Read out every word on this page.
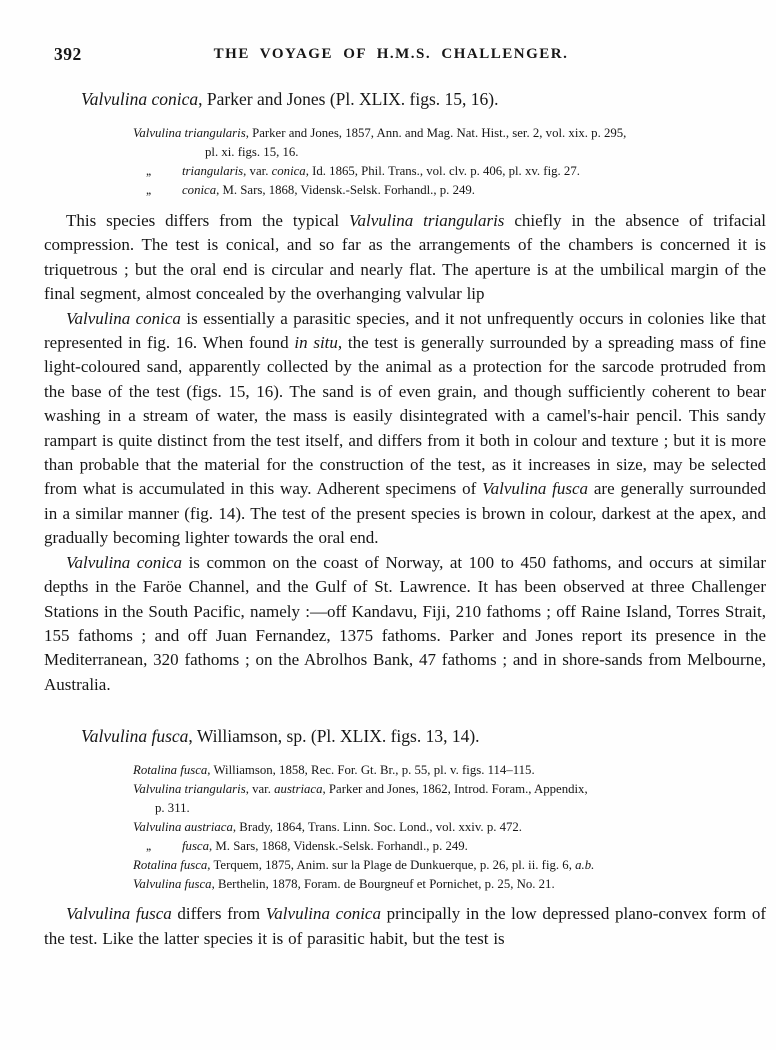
392	THE VOYAGE OF H.M.S. CHALLENGER.

Valvulina conica, Parker and Jones (Pl. XLIX. figs. 15, 16).

Valvulina triangularis, Parker and Jones, 1857, Ann. and Mag. Nat. Hist., ser. 2, vol. xix. p. 295,

pl. xi. figs. 15, 16.

,, triangularis, var. conica, Id. 1865, Phil. Trans., vol. clv. p. 406, pl. xv. fig. 27.

,, conica, M. Sars, 1868, Vidensk.-Selsk. Forhandl., p. 249.

This species differs from the typical Valvulina triangularis chiefly in the absence of trifacial compression. The test is conical, and so far as the arrangements of the chambers is concerned it is triquetrous ; but the oral end is circular and nearly flat. The aperture is at the umbilical margin of the final segment, almost concealed by the overhanging valvular lip

Valvulina conica is essentially a parasitic species, and it not unfrequently occurs in colonies like that represented in fig. 16. When found in situ, the test is generally surrounded by a spreading mass of fine light-coloured sand, apparently collected by the animal as a protection for the sarcode protruded from the base of the test (figs. 15, 16). The sand is of even grain, and though sufficiently coherent to bear washing in a stream of water, the mass is easily disintegrated with a camel's-hair pencil. This sandy rampart is quite distinct from the test itself, and differs from it both in colour and texture ; but it is more than probable that the material for the construction of the test, as it increases in size, may be selected from what is accumulated in this way. Adherent specimens of Valvulina fusca are generally surrounded in a similar manner (fig. 14). The test of the present species is brown in colour, darkest at the apex, and gradually becoming lighter towards the oral end.

Valvulina conica is common on the coast of Norway, at 100 to 450 fathoms, and occurs at similar depths in the Faröe Channel, and the Gulf of St. Lawrence. It has been observed at three Challenger Stations in the South Pacific, namely :—off Kandavu, Fiji, 210 fathoms ; off Raine Island, Torres Strait, 155 fathoms ; and off Juan Fernandez, 1375 fathoms. Parker and Jones report its presence in the Mediterranean, 320 fathoms ; on the Abrolhos Bank, 47 fathoms ; and in shore-sands from Melbourne, Australia.

Valvulina fusca, Williamson, sp. (Pl. XLIX. figs. 13, 14).

Rotalina fusca, Williamson, 1858, Rec. For. Gt. Br., p. 55, pl. v. figs. 114–115.

Valvulina triangularis, var. austriaca, Parker and Jones, 1862, Introd. Foram., Appendix,

p. 311.

Valvulina austriaca, Brady, 1864, Trans. Linn. Soc. Lond., vol. xxiv. p. 472.

,, fusca, M. Sars, 1868, Vidensk.-Selsk. Forhandl., p. 249.

Rotalina fusca, Terquem, 1875, Anim. sur la Plage de Dunkuerque, p. 26, pl. ii. fig. 6, a.b.

Valvulina fusca, Berthelin, 1878, Foram. de Bourgneuf et Pornichet, p. 25, No. 21.

Valvulina fusca differs from Valvulina conica principally in the low depressed plano-convex form of the test. Like the latter species it is of parasitic habit, but the test is
